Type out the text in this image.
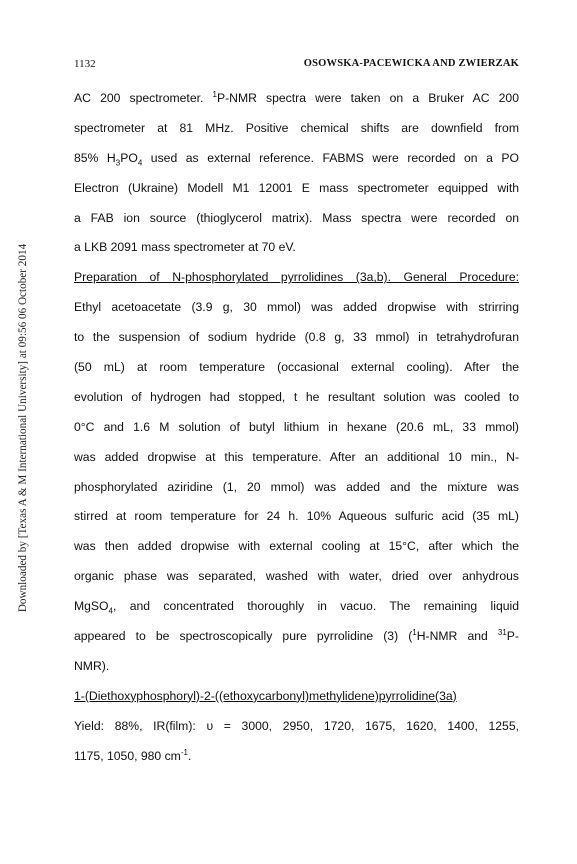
1132	OSOWSKA-PACEWICKA AND ZWIERZAK
Downloaded by [Texas A & M International University] at 09:56 06 October 2014
AC 200 spectrometer. $^1$P-NMR spectra were taken on a Bruker AC 200
spectrometer at 81 MHz. Positive chemical shifts are downfield from
85% $H_3PO_4$ used as external reference. FABMS were recorded on a PO
Electron (Ukraine) Modell M1 12001 E mass spectrometer equipped with
a FAB ion source (thioglycerol matrix). Mass spectra were recorded on
a LKB 2091 mass spectrometer at 70 eV.
Preparation of N-phosphorylated pyrrolidines (3a,b). General Procedure:
Ethyl acetoacetate (3.9 g, 30 mmol) was added dropwise with strirring
to the suspension of sodium hydride (0.8 g, 33 mmol) in tetrahydrofuran
(50 mL) at room temperature (occasional external cooling). After the
evolution of hydrogen had stopped, t he resultant solution was cooled to
0°C and 1.6 M solution of butyl lithium in hexane (20.6 mL, 33 mmol)
was added dropwise at this temperature. After an additional 10 min., N-
phosphorylated aziridine (1, 20 mmol) was added and the mixture was
stirred at room temperature for 24 h. 10% Aqueous sulfuric acid (35 mL)
was then added dropwise with external cooling at 15°C, after which the
organic phase was separated, washed with water, dried over anhydrous
MgSO$_4$, and concentrated thoroughly in vacuo. The remaining liquid
appeared to be spectroscopically pure pyrrolidine (3) ($^1$H-NMR and $^{31}$P-
NMR).
1-(Diethoxyphosphoryl)-2-((ethoxycarbonyl)methylidene)pyrrolidine(3a)
Yield: 88%, IR(film): υ = 3000, 2950, 1720, 1675, 1620, 1400, 1255,
1175, 1050, 980 $cm^{-1}$.
